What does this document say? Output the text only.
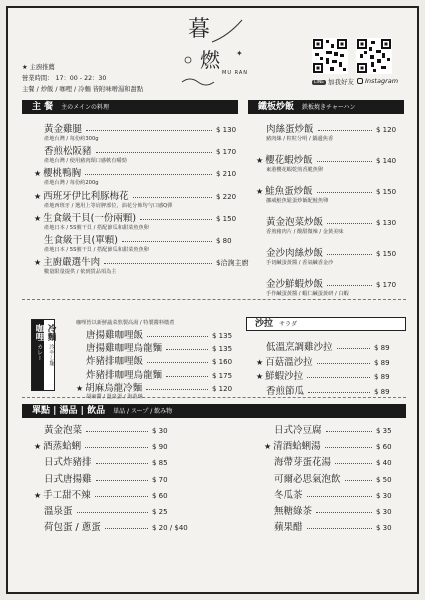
★ 主廚推薦
營業時間： 17：00 - 22：30
主餐 / 炒飯 / 咖哩 / 冷麵 皆附味噌湯和甜點
✦
暮
燃
MU RAN
LINE 加我好友	Instagram
主 餐 主のメインの料理	鐵板炒飯 鉄板焼きチャーハン
黃金雞腿	$ 130
產地台灣 / 每份約300g
香煎松阪豬	$ 170
產地台灣 / 使用豬肉頸口感軟有嚼勁
★ 櫻桃鴨胸	$ 210
產地台灣 / 每份約200g
★ 西班牙伊比利豚梅花	$ 220
產地西班牙 / 選用上等肩胛部位，油花分佈均勻口感Q彈
★ 生食級干貝(一份兩顆)	$ 150
產地日本 / 5S號干貝 / 搭配節瓜和甜菜魚魚卵
生食級干貝(單顆)	$ 80
產地日本 / 5S號干貝 / 搭配節瓜和甜菜魚魚卵
★ 主廚嚴選牛肉	$洽詢主廚
數量限量提供 / 依到貨品項為主
肉絲蛋炒飯	$ 120
豬肉絲 / 粒粒分明 / 鍋邊焦香
★ 櫻花蝦炒飯	$ 140
東港櫻花蝦乾煎香脆魚卵
★ 鮭魚蛋炒飯	$ 150
挪威鮭魚鬆蛋炒飯配鮭魚卵
黃金泡菜炒飯	$ 130
香煎豬肉片 / 酸甜微辣 / 金黃美味
金沙肉絲炒飯	$ 150
手切鹹蛋黃醬 / 香氣鹹香金沙
金沙鮮蝦炒飯	$ 170
手作鹹蛋黃醬 / 蝦仁鹹蛋黃研 / 白蝦
咖哩 カレー
冷麵 冷やし麺
咖哩皆以新鮮蔬菜熬製高湯 / 特製醬料燉煮
唐揚雞咖哩飯	$ 135
唐揚雞咖哩烏龍麵	$ 135
炸豬排咖哩飯	$ 160
炸豬排咖哩烏龍麵	$ 175
★ 胡麻烏龍冷麵	$ 120
胡麻醬 / 溫泉蛋 / 海苔絲
沙拉 サラダ
低溫烹調雞沙拉	$ 89
★ 百菇溫沙拉	$ 89
★ 鮮蝦沙拉	$ 89
香煎節瓜	$ 89
單點 | 湯品 | 飲品 単品 / スープ / 飲み物
黃金泡菜	$ 30
★ 酒蒸蛤蜊	$ 90
日式炸豬排	$ 85
日式唐揚雞	$ 70
★ 手工甜不辣	$ 60
溫泉蛋	$ 25
荷包蛋 / 蔥蛋	$ 20 / $40
日式冷豆腐	$ 35
★ 清酒蛤蜊湯	$ 60
海帶芽蛋花湯	$ 40
可爾必思氣泡飲	$ 50
冬瓜茶	$ 30
無糖綠茶	$ 30
蘋果醋	$ 30
